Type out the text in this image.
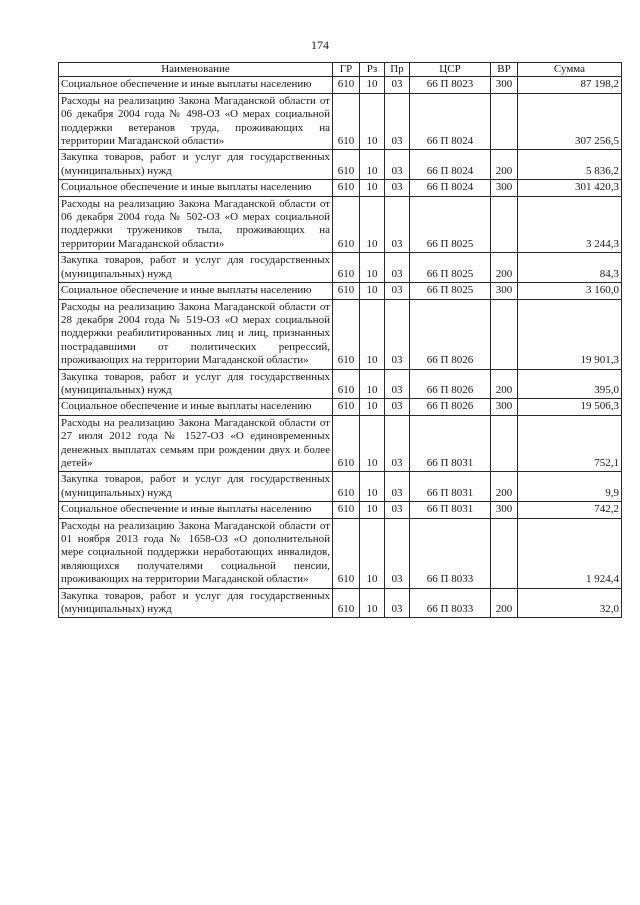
174
Наименование	ГР	Рз	Пр	ЦСР	ВР	Сумма
Социальное обеспечение и иные выплаты населению	610	10	03	66 П 8023	300	87 198,2
Расходы на реализацию Закона Магаданской области от 06 декабря 2004 года № 498-ОЗ «О мерах социальной поддержки ветеранов труда, проживающих на территории Магаданской области»	610	10	03	66 П 8024		307 256,5
Закупка товаров, работ и услуг для государственных (муниципальных) нужд	610	10	03	66 П 8024	200	5 836,2
Социальное обеспечение и иные выплаты населению	610	10	03	66 П 8024	300	301 420,3
Расходы на реализацию Закона Магаданской области от 06 декабря 2004 года № 502-ОЗ «О мерах социальной поддержки тружеников тыла, проживающих на территории Магаданской области»	610	10	03	66 П 8025		3 244,3
Закупка товаров, работ и услуг для государственных (муниципальных) нужд	610	10	03	66 П 8025	200	84,3
Социальное обеспечение и иные выплаты населению	610	10	03	66 П 8025	300	3 160,0
Расходы на реализацию Закона Магаданской области от 28 декабря 2004 года № 519-ОЗ «О мерах социальной поддержки реабилитированных лиц и лиц, признанных пострадавшими от политических репрессий, проживающих на территории Магаданской области»	610	10	03	66 П 8026		19 901,3
Закупка товаров, работ и услуг для государственных (муниципальных) нужд	610	10	03	66 П 8026	200	395,0
Социальное обеспечение и иные выплаты населению	610	10	03	66 П 8026	300	19 506,3
Расходы на реализацию Закона Магаданской области от 27 июля 2012 года № 1527-ОЗ «О единовременных денежных выплатах семьям при рождении двух и более детей»	610	10	03	66 П 8031		752,1
Закупка товаров, работ и услуг для государственных (муниципальных) нужд	610	10	03	66 П 8031	200	9,9
Социальное обеспечение и иные выплаты населению	610	10	03	66 П 8031	300	742,2
Расходы на реализацию Закона Магаданской области от 01 ноября 2013 года № 1658-ОЗ «О дополнительной мере социальной поддержки неработающих инвалидов, являющихся получателями социальной пенсии, проживающих на территории Магаданской области»	610	10	03	66 П 8033		1 924,4
Закупка товаров, работ и услуг для государственных (муниципальных) нужд	610	10	03	66 П 8033	200	32,0
